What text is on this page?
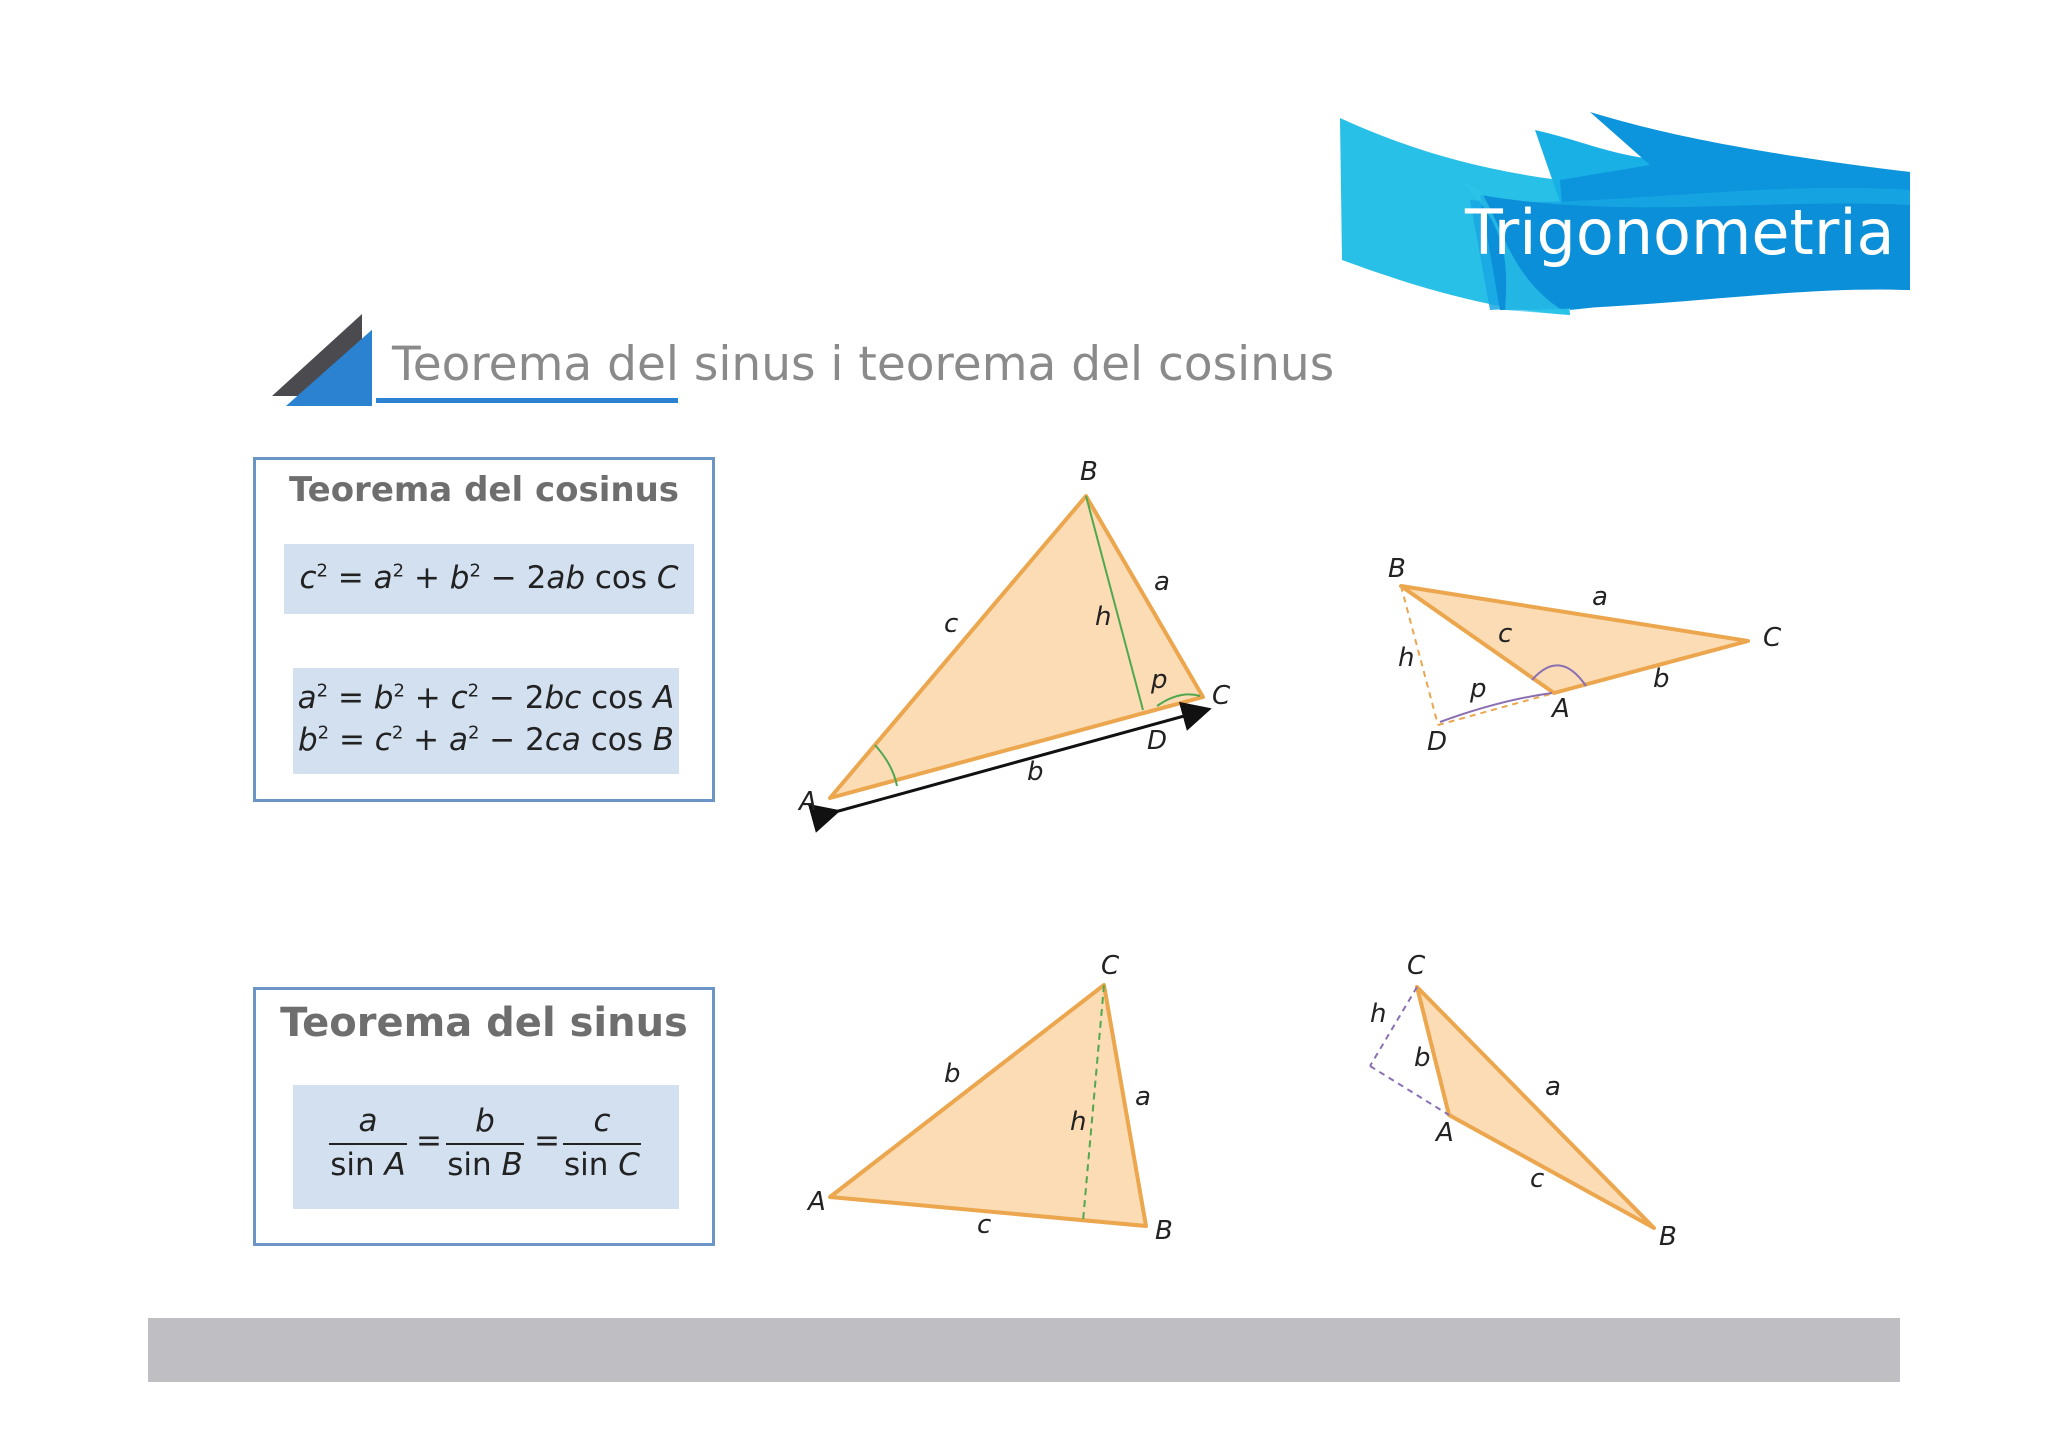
Trigonometria
Teorema del sinus i teorema del cosinus
Teorema del cosinus
$c^2 = a^2 + b^2 - 2ab$ cos C
$a^2 = b^2 + c^2 - 2bc$ cos A
$b^2 = c^2 + a^2 - 2ca$ cos B
Teorema del sinus
a
sin A
=
b
sin B
=
c
sin C
B
A
C
D
a
c
b
h
p
B
C
A
D
a
c
b
h
p
C
A
B
b
a
c
h
C
A
B
b
a
c
h
